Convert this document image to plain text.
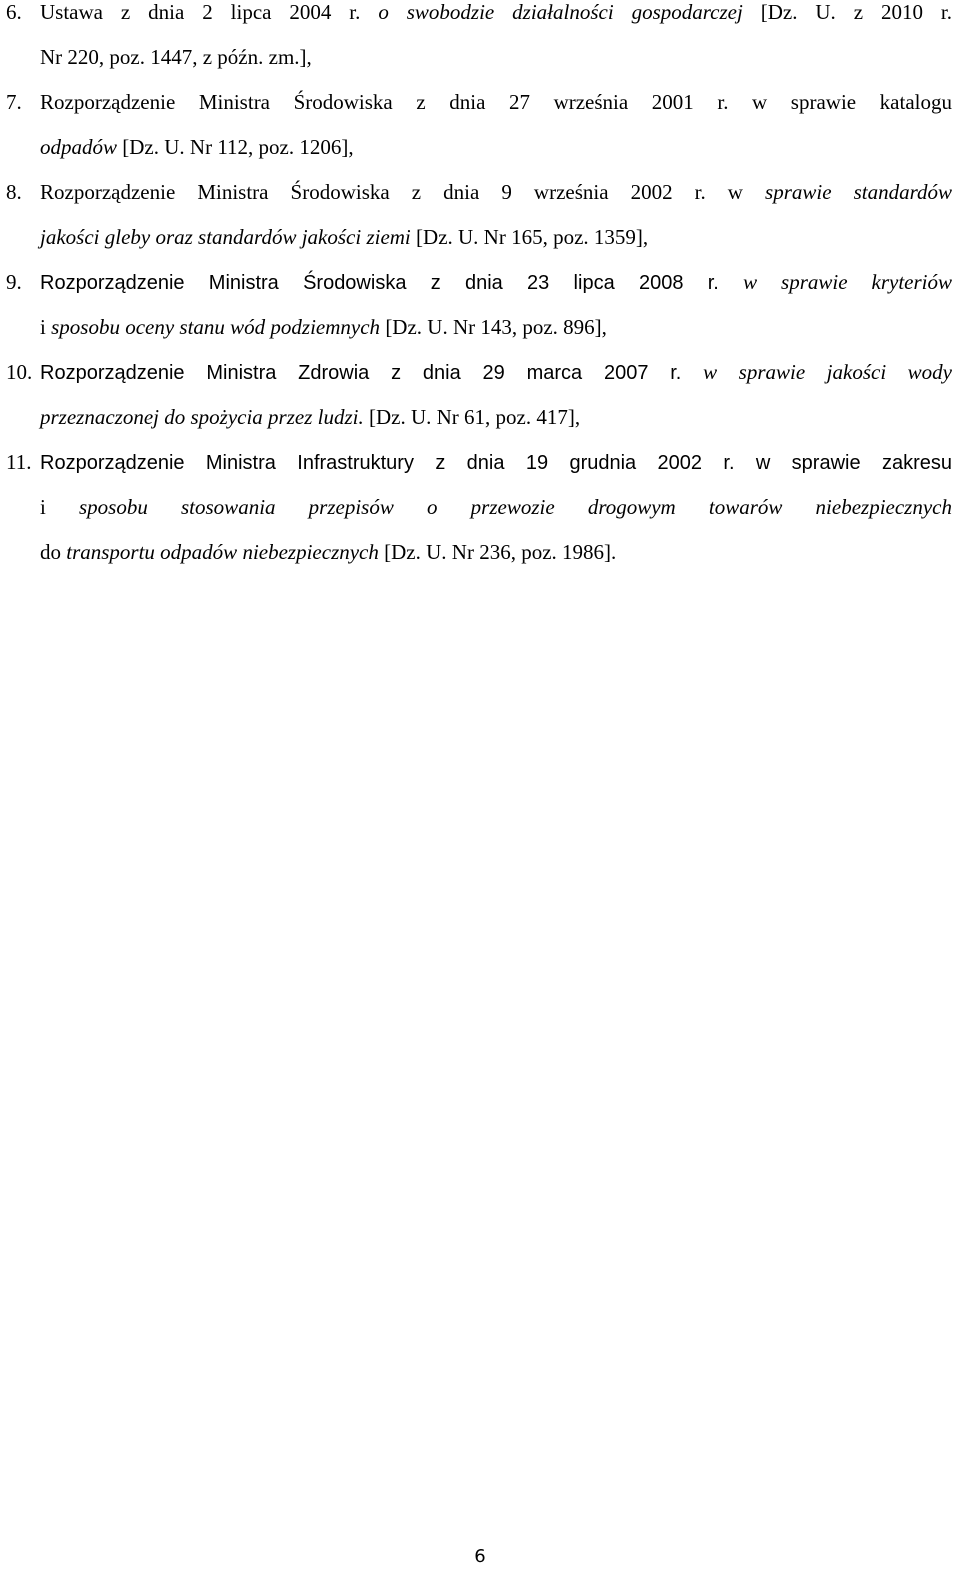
6. Ustawa z dnia 2 lipca 2004 r. o swobodzie działalności gospodarczej [Dz. U. z 2010 r.
Nr 220, poz. 1447, z późn. zm.],
7. Rozporządzenie Ministra Środowiska z dnia 27 września 2001 r. w sprawie katalogu
odpadów [Dz. U. Nr 112, poz. 1206],
8. Rozporządzenie Ministra Środowiska z dnia 9 września 2002 r. w sprawie standardów
jakości gleby oraz standardów jakości ziemi [Dz. U. Nr 165, poz. 1359],
9. Rozporządzenie Ministra Środowiska z dnia 23 lipca 2008 r. w sprawie kryteriów
i sposobu oceny stanu wód podziemnych [Dz. U. Nr 143, poz. 896],
10. Rozporządzenie Ministra Zdrowia z dnia 29 marca 2007 r. w sprawie jakości wody
przeznaczonej do spożycia przez ludzi. [Dz. U. Nr 61, poz. 417],
11. Rozporządzenie Ministra Infrastruktury z dnia 19 grudnia 2002 r. w sprawie zakresu
i sposobu stosowania przepisów o przewozie drogowym towarów niebezpiecznych
do transportu odpadów niebezpiecznych [Dz. U. Nr 236, poz. 1986].
6
